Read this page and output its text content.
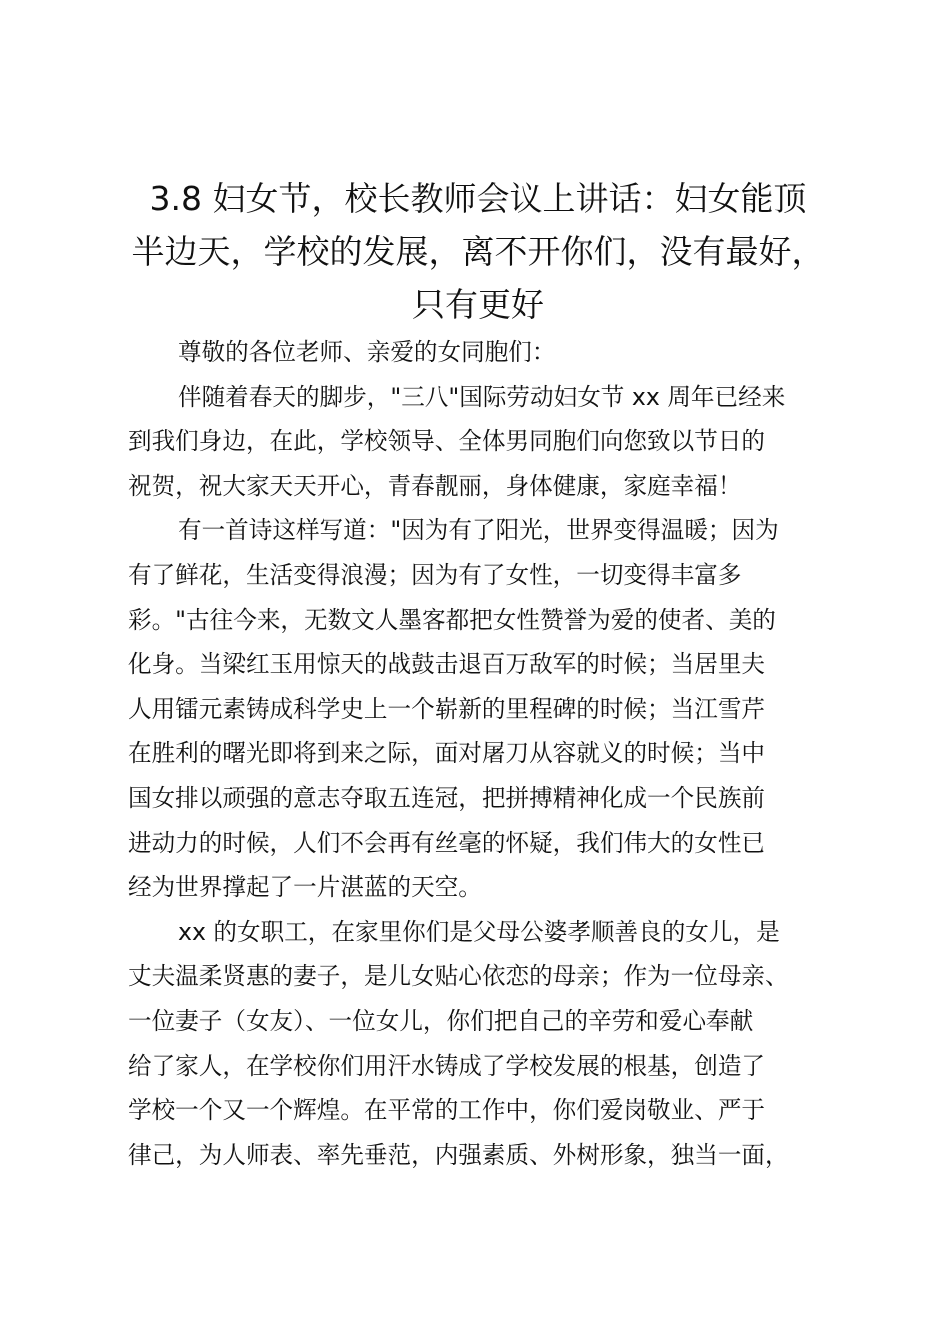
3.8 妇女节，校长教师会议上讲话：妇女能顶
半边天，学校的发展，离不开你们，没有最好，
只有更好

尊敬的各位老师、亲爱的女同胞们：

伴随着春天的脚步，"三八"国际劳动妇女节 xx 周年已经来
到我们身边，在此，学校领导、全体男同胞们向您致以节日的
祝贺，祝大家天天开心，青春靓丽，身体健康，家庭幸福！

有一首诗这样写道："因为有了阳光，世界变得温暖；因为
有了鲜花，生活变得浪漫；因为有了女性，一切变得丰富多
彩。"古往今来，无数文人墨客都把女性赞誉为爱的使者、美的
化身。当梁红玉用惊天的战鼓击退百万敌军的时候；当居里夫
人用镭元素铸成科学史上一个崭新的里程碑的时候；当江雪芹
在胜利的曙光即将到来之际，面对屠刀从容就义的时候；当中
国女排以顽强的意志夺取五连冠，把拼搏精神化成一个民族前
进动力的时候，人们不会再有丝毫的怀疑，我们伟大的女性已
经为世界撑起了一片湛蓝的天空。

xx 的女职工，在家里你们是父母公婆孝顺善良的女儿，是
丈夫温柔贤惠的妻子，是儿女贴心依恋的母亲；作为一位母亲、
一位妻子（女友）、一位女儿，你们把自己的辛劳和爱心奉献
给了家人，在学校你们用汗水铸成了学校发展的根基，创造了
学校一个又一个辉煌。在平常的工作中，你们爱岗敬业、严于
律己，为人师表、率先垂范，内强素质、外树形象，独当一面，
